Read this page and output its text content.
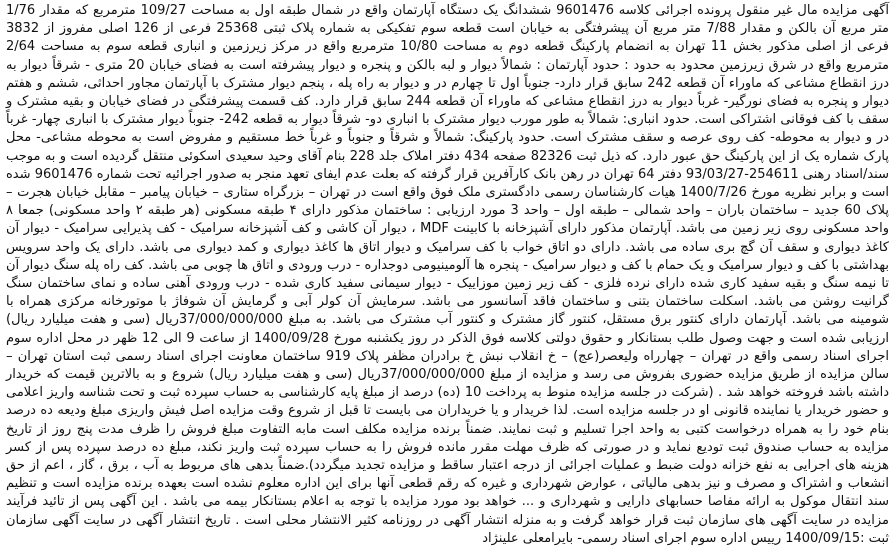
آگهی مزایده مال غیر منقول پرونده اجرائی کلاسه 9601476 ششدانگ یک دستگاه آپارتمان واقع در شمال طبقه اول به مساحت 109/27 مترمربع که مقدار 1/76 متر مربع آن بالکن و مقدار 7/88 متر مربع آن پیشرفتگی به خیابان است قطعه سوم تفکیکی به شماره پلاک ثبتی 25368 فرعی از 126 اصلی مفروز از 3832 فرعی از اصلی مذکور بخش 11 تهران به انضمام پارکینگ قطعه دوم به مساحت 10/80 مترمربع واقع در مرکز زیرزمین و انباری قطعه سوم به مساحت 2/64 مترمربع واقع در شرق زیرزمین محدود به حدود : حدود آپارتمان : شمالاً دیوار و لبه بالکن و پنجره و دیوار پیشرفته است به فضای خیابان 20 متری - شرقاً دیوار به درز انقطاع مشاعی که ماوراء آن قطعه 242 سابق قرار دارد- جنوباً اول تا چهارم در و دیوار به راه پله ، پنجم دیوار مشترک با آپارتمان مجاور احداثی، ششم و هفتم دیوار و پنجره به فضای نورگیر- غرباً دیوار به درز انقطاع مشاعی که ماوراء آن قطعه 244 سابق قرار دارد. کف قسمت پیشرفتگی در فضای خیابان و بقیه مشترک و سقف با کف فوقانی اشتراکی است. حدود انباری: شمالاً به طور مورب دیوار مشترک با انباری دو- شرقاً دیوار به قطعه 242- جنوباً دیوار مشترک با انباری چهار- غرباً در و دیوار به محوطه- کف روی عرصه و سقف مشترک است. حدود پارکینگ: شمالاً و شرقاً و جنوباً و غرباً خط مستقیم و مفروض است به محوطه مشاعی- محل پارک شماره یک از این پارکینگ حق عبور دارد. که ذیل ثبت 82326 صفحه 434 دفتر املاک جلد 228 بنام آقای وحید سعیدی اسکوئی منتقل گردیده است و به موجب سند/اسناد رهنی 254611-93/03/27 دفتر 64 تهران در رهن بانک کارآفرین قرار گرفته که بعلت عدم ایفای تعهد منجر به صدور اجرائیه تحت شماره 9601476 شده است و برابر نظریه مورخ 1400/7/26 هیات کارشناسان رسمی دادگستری ملک فوق واقع است در تهران – بزرگراه ستاری – خیابان پیامبر – مقابل خیابان هجرت – پلاک 60 جدید – ساختمان باران – واحد شمالی – طبقه اول – واحد 3 مورد ارزیابی : ساختمان مذکور دارای ۴ طبقه مسکونی (هر طبقه ۲ واحد مسکونی) جمعا ۸ واحد مسکونی روی زیر زمین می باشد. آپارتمان مذکور دارای آشپزخانه با کابینت MDF ، دیوار آن کاشی و کف آشپزخانه سرامیک - کف پذیرایی سرامیک - دیوار آن کاغذ دیواری و سقف آن گچ بری ساده می باشد. دارای دو اتاق خواب با کف سرامیک و دیوار اتاق ها کاغذ دیواری و کمد دیواری می باشد. دارای یک واحد سرویس بهداشتی با کف و دیوار سرامیک و یک حمام با کف و دیوار سرامیک - پنجره ها آلومینیومی دوجداره - درب ورودی و اتاق ها چوبی می باشد. کف راه پله سنگ دیوار آن تا نیمه سنگ و بقیه سفید کاری شده دارای نرده فلزی - کف زیر زمین موزاییک - دیوار سیمانی سفید کاری شده - درب ورودی آهنی ساده و نمای ساختمان سنگ گرانیت روشن می باشد. اسکلت ساختمان بتنی و ساختمان فاقد آسانسور می باشد. سرمایش آن کولر آبی و گرمایش آن شوفاژ با موتورخانه مرکزی همراه با شومینه می باشد. آپارتمان دارای کنتور برق مستقل، کنتور گاز مشترک و کنتور آب مشترک می باشد. به مبلغ 37/000/000/000ریال (سی و هفت میلیارد ریال) ارزیابی شده است و جهت وصول طلب بستانکار و حقوق دولتی کلاسه فوق الذکر در روز یکشنبه مورخ 1400/09/28 از ساعت 9 الی 12 ظهر در محل اداره سوم اجرای اسناد رسمی واقع در تهران – چهارراه ولیعصر(عج) – خ انقلاب نبش خ برادران مظفر پلاک 919 ساختمان معاونت اجرای اسناد رسمی ثبت استان تهران – سالن مزایده از طریق مزایده حضوری بفروش می رسد و مزایده از مبلغ 37/000/000/000ریال (سی و هفت میلیارد ریال) شروع و به بالاترین قیمت که خریدار داشته باشد فروخته خواهد شد . (شرکت در جلسه مزایده منوط به پرداخت 10 (ده) درصد از مبلغ پایه کارشناسی به حساب سپرده ثبت و تحت شناسه واریز اعلامی و حضور خریدار یا نماینده قانونی او در جلسه مزایده است. لذا خریدار و یا خریداران می بایست تا قبل از شروع وقت مزایده اصل فیش واریزی مبلغ ودیعه ده درصد بنام خود را به همراه درخواست کتبی به واحد اجرا تسلیم و ثبت نمایند. ضمناً برنده مزایده مکلف است مابه التفاوت مبلغ فروش را ظرف مدت پنج روز از تاریخ مزایده به حساب صندوق ثبت تودیع نماید و در صورتی که ظرف مهلت مقرر مانده فروش را به حساب سپرده ثبت واریز نکند، مبلغ ده درصد سپرده پس از کسر هزینه های اجرایی به نفع خزانه دولت ضبط و عملیات اجرائی از درجه اعتبار ساقط و مزایده تجدید میگردد).ضمناً بدهی های مربوط به آب ، برق ، گاز ، اعم از حق انشعاب و اشتراک و مصرف و نیز بدهی مالیاتی ، عوارض شهرداری و غیره که رقم قطعی آنها برای این اداره معلوم نشده است بعهده برنده مزایده است و تنظیم سند انتقال موکول به ارائه مفاصا حسابهای دارایی و شهرداری و ... خواهد بود مورد مزایده با توجه به اعلام بستانکار بیمه می باشد . این آگهی پس از تائید فرآیند مزایده در سایت آگهی های سازمان ثبت قرار خواهد گرفت و به منزله انتشار آگهی در روزنامه کثیر الانتشار محلی است . تاریخ انتشار آگهی در سایت آگهی سازمان ثبت :1400/09/15 رییس اداره سوم اجرای اسناد رسمی- بایرامعلی علینژاد
